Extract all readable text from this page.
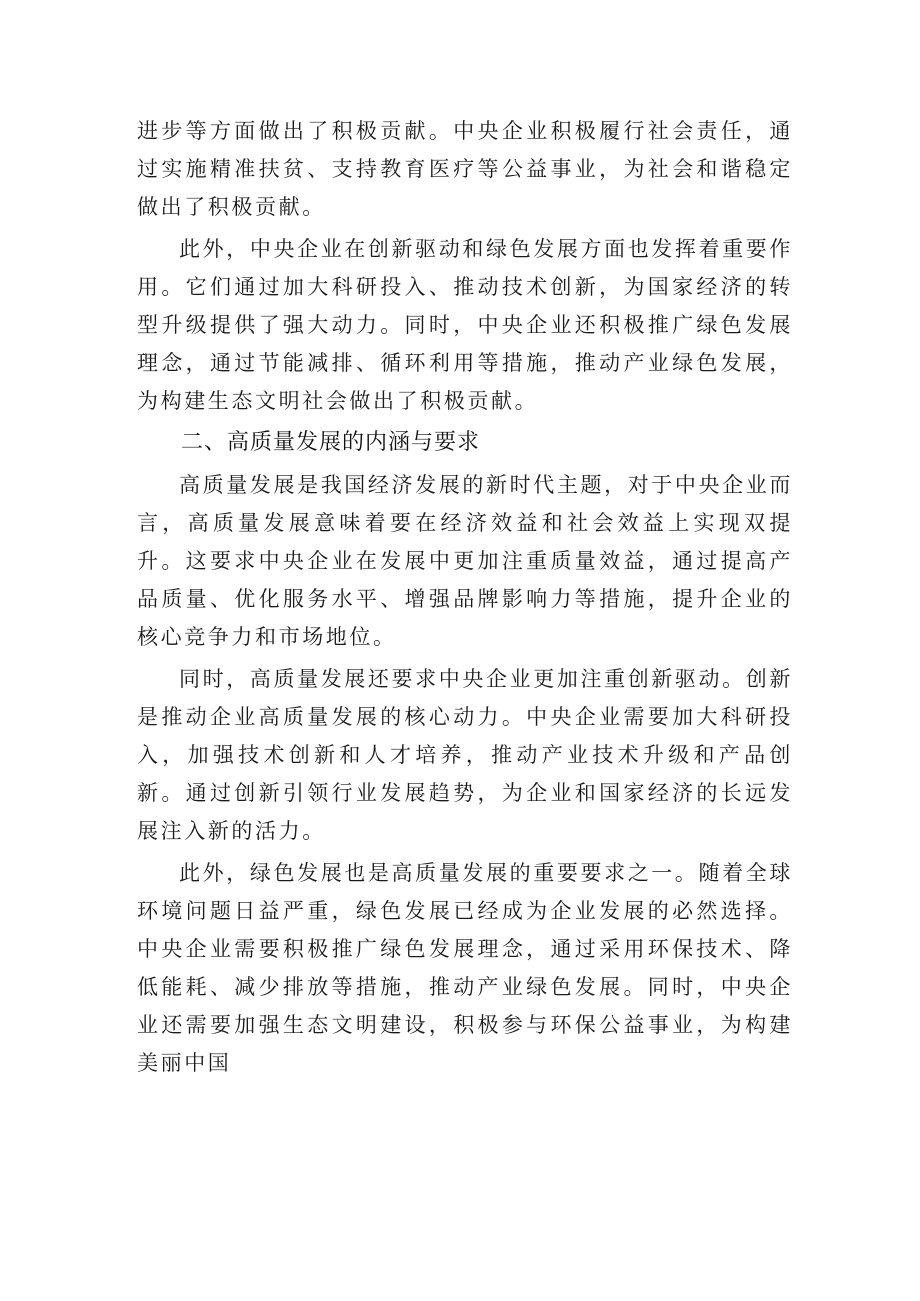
进步等方面做出了积极贡献。中央企业积极履行社会责任，通过实施精准扶贫、支持教育医疗等公益事业，为社会和谐稳定做出了积极贡献。

此外，中央企业在创新驱动和绿色发展方面也发挥着重要作用。它们通过加大科研投入、推动技术创新，为国家经济的转型升级提供了强大动力。同时，中央企业还积极推广绿色发展理念，通过节能减排、循环利用等措施，推动产业绿色发展，为构建生态文明社会做出了积极贡献。

二、高质量发展的内涵与要求

高质量发展是我国经济发展的新时代主题，对于中央企业而言，高质量发展意味着要在经济效益和社会效益上实现双提升。这要求中央企业在发展中更加注重质量效益，通过提高产品质量、优化服务水平、增强品牌影响力等措施，提升企业的核心竞争力和市场地位。

同时，高质量发展还要求中央企业更加注重创新驱动。创新是推动企业高质量发展的核心动力。中央企业需要加大科研投入，加强技术创新和人才培养，推动产业技术升级和产品创新。通过创新引领行业发展趋势，为企业和国家经济的长远发展注入新的活力。

此外，绿色发展也是高质量发展的重要要求之一。随着全球环境问题日益严重，绿色发展已经成为企业发展的必然选择。中央企业需要积极推广绿色发展理念，通过采用环保技术、降低能耗、减少排放等措施，推动产业绿色发展。同时，中央企业还需要加强生态文明建设，积极参与环保公益事业，为构建美丽中国
